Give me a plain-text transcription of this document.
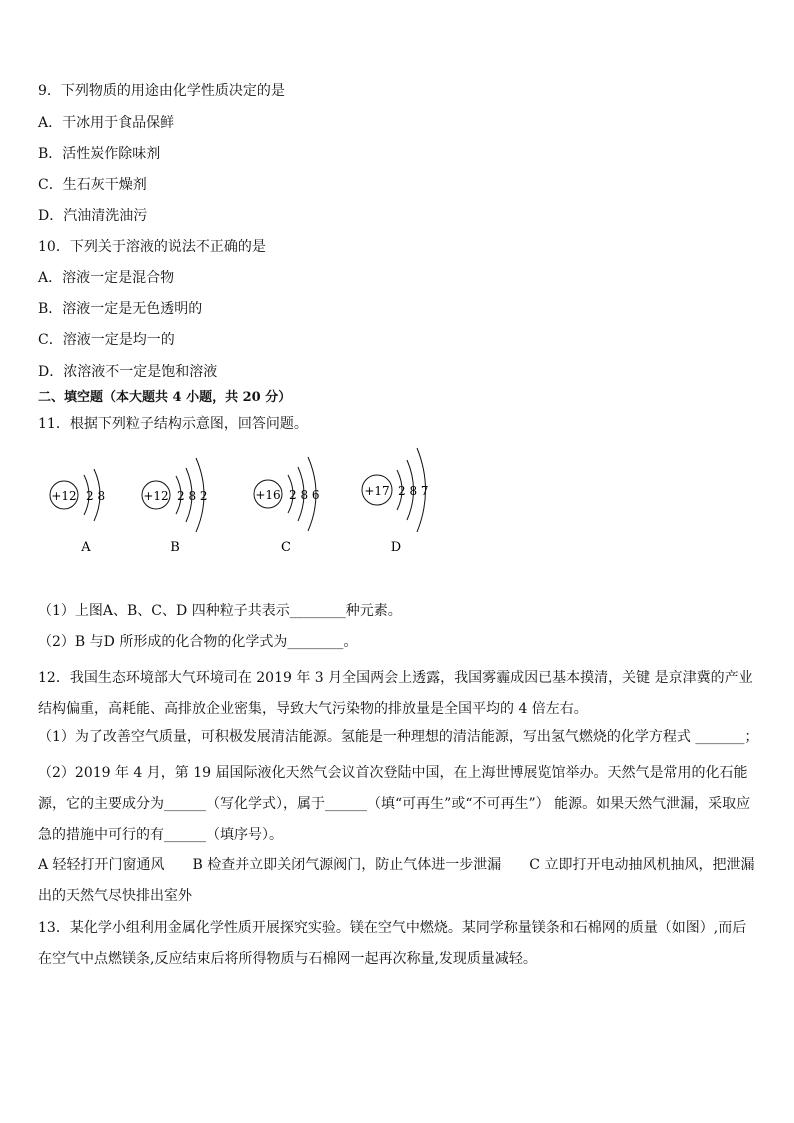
9．下列物质的用途由化学性质决定的是
A．干冰用于食品保鲜
B．活性炭作除味剂
C．生石灰干燥剂
D．汽油清洗油污
10．下列关于溶液的说法不正确的是
A．溶液一定是混合物
B．溶液一定是无色透明的
C．溶液一定是均一的
D．浓溶液不一定是饱和溶液
二、填空题（本大题共 4 小题，共 20 分）
11．根据下列粒子结构示意图，回答问题。
+12 2 8
A
+12 2 8 2
B
+16 2 8 6
C
+17 2 8 7
D
（1）上图A、B、C、D 四种粒子共表示________种元素。
（2）B 与D 所形成的化合物的化学式为________。
12．我国生态环境部大气环境司在 2019 年 3 月全国两会上透露，我国雾霾成因已基本摸清，关键 是京津冀的产业结构偏重，高耗能、高排放企业密集，导致大气污染物的排放量是全国平均的 4 倍左右。
（1）为了改善空气质量，可积极发展清洁能源。氢能是一种理想的清洁能源，写出氢气燃烧的化学方程式 _______；
（2）2019 年 4 月，第 19 届国际液化天然气会议首次登陆中国，在上海世博展览馆举办。天然气是常用的化石能源，它的主要成分为______（写化学式），属于______（填“可再生”或“不可再生”） 能源。如果天然气泄漏，采取应急的措施中可行的有______（填序号）。
A 轻轻打开门窗通风　　B 检查并立即关闭气源阀门，防止气体进一步泄漏　　C 立即打开电动抽风机抽风，把泄漏出的天然气尽快排出室外
13．某化学小组利用金属化学性质开展探究实验。镁在空气中燃烧。某同学称量镁条和石棉网的质量（如图）,而后在空气中点燃镁条,反应结束后将所得物质与石棉网一起再次称量,发现质量减轻。
